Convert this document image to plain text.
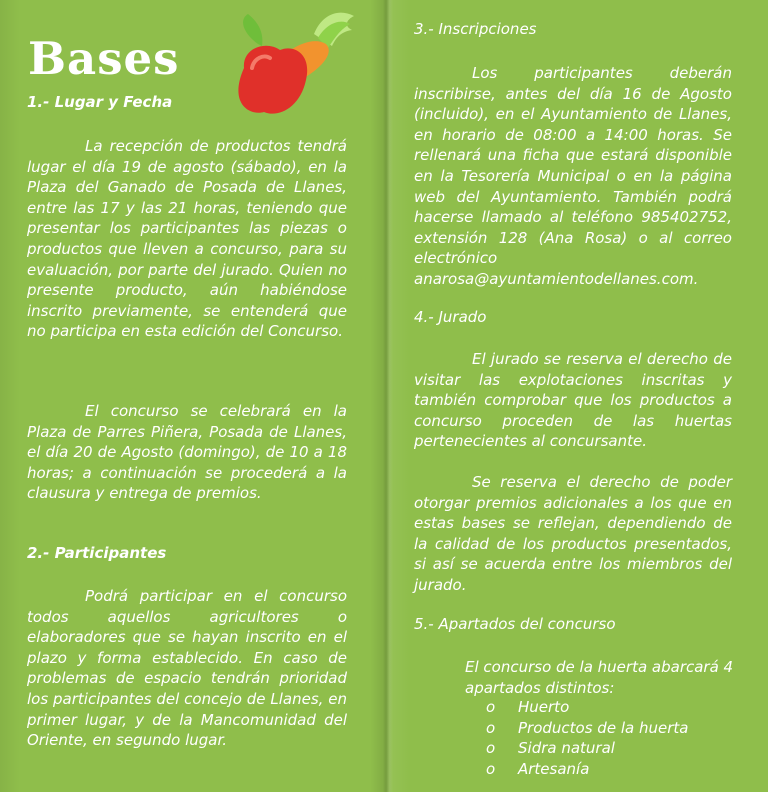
Bases
1.- Lugar y Fecha
La recepción de productos tendrá lugar el día 19 de agosto (sábado), en la Plaza del Ganado de Posada de Llanes, entre las 17 y las 21 horas, teniendo que presentar los participantes las piezas o productos que lleven a concurso, para su evaluación, por parte del jurado. Quien no presente producto, aún habiéndose inscrito previamente, se entenderá que no participa en esta edición del Concurso.
El concurso se celebrará en la Plaza de Parres Piñera, Posada de Llanes, el día 20 de Agosto (domingo), de 10 a 18 horas; a continuación se procederá a la clausura y entrega de premios.
2.- Participantes
Podrá participar en el concurso todos aquellos agricultores o elaboradores que se hayan inscrito en el plazo y forma establecido. En caso de problemas de espacio tendrán prioridad los participantes del concejo de Llanes, en primer lugar, y de la Mancomunidad del Oriente, en segundo lugar.
3.- Inscripciones
Los participantes deberán inscribirse, antes del día 16 de Agosto (incluido), en el Ayuntamiento de Llanes, en horario de 08:00 a 14:00 horas. Se rellenará una ficha que estará disponible en la Tesorería Municipal o en la página web del Ayuntamiento. También podrá hacerse llamado al teléfono 985402752, extensión 128 (Ana Rosa) o al correo electrónico anarosa@ayuntamientodellanes.com.
4.- Jurado
El jurado se reserva el derecho de visitar las explotaciones inscritas y también comprobar que los productos a concurso proceden de las huertas pertenecientes al concursante.
Se reserva el derecho de poder otorgar premios adicionales a los que en estas bases se reflejan, dependiendo de la calidad de los productos presentados, si así se acuerda entre los miembros del jurado.
5.- Apartados del concurso
El concurso de la huerta abarcará 4 apartados distintos:
o	Huerto
o	Productos de la huerta
o	Sidra natural
o	Artesanía
